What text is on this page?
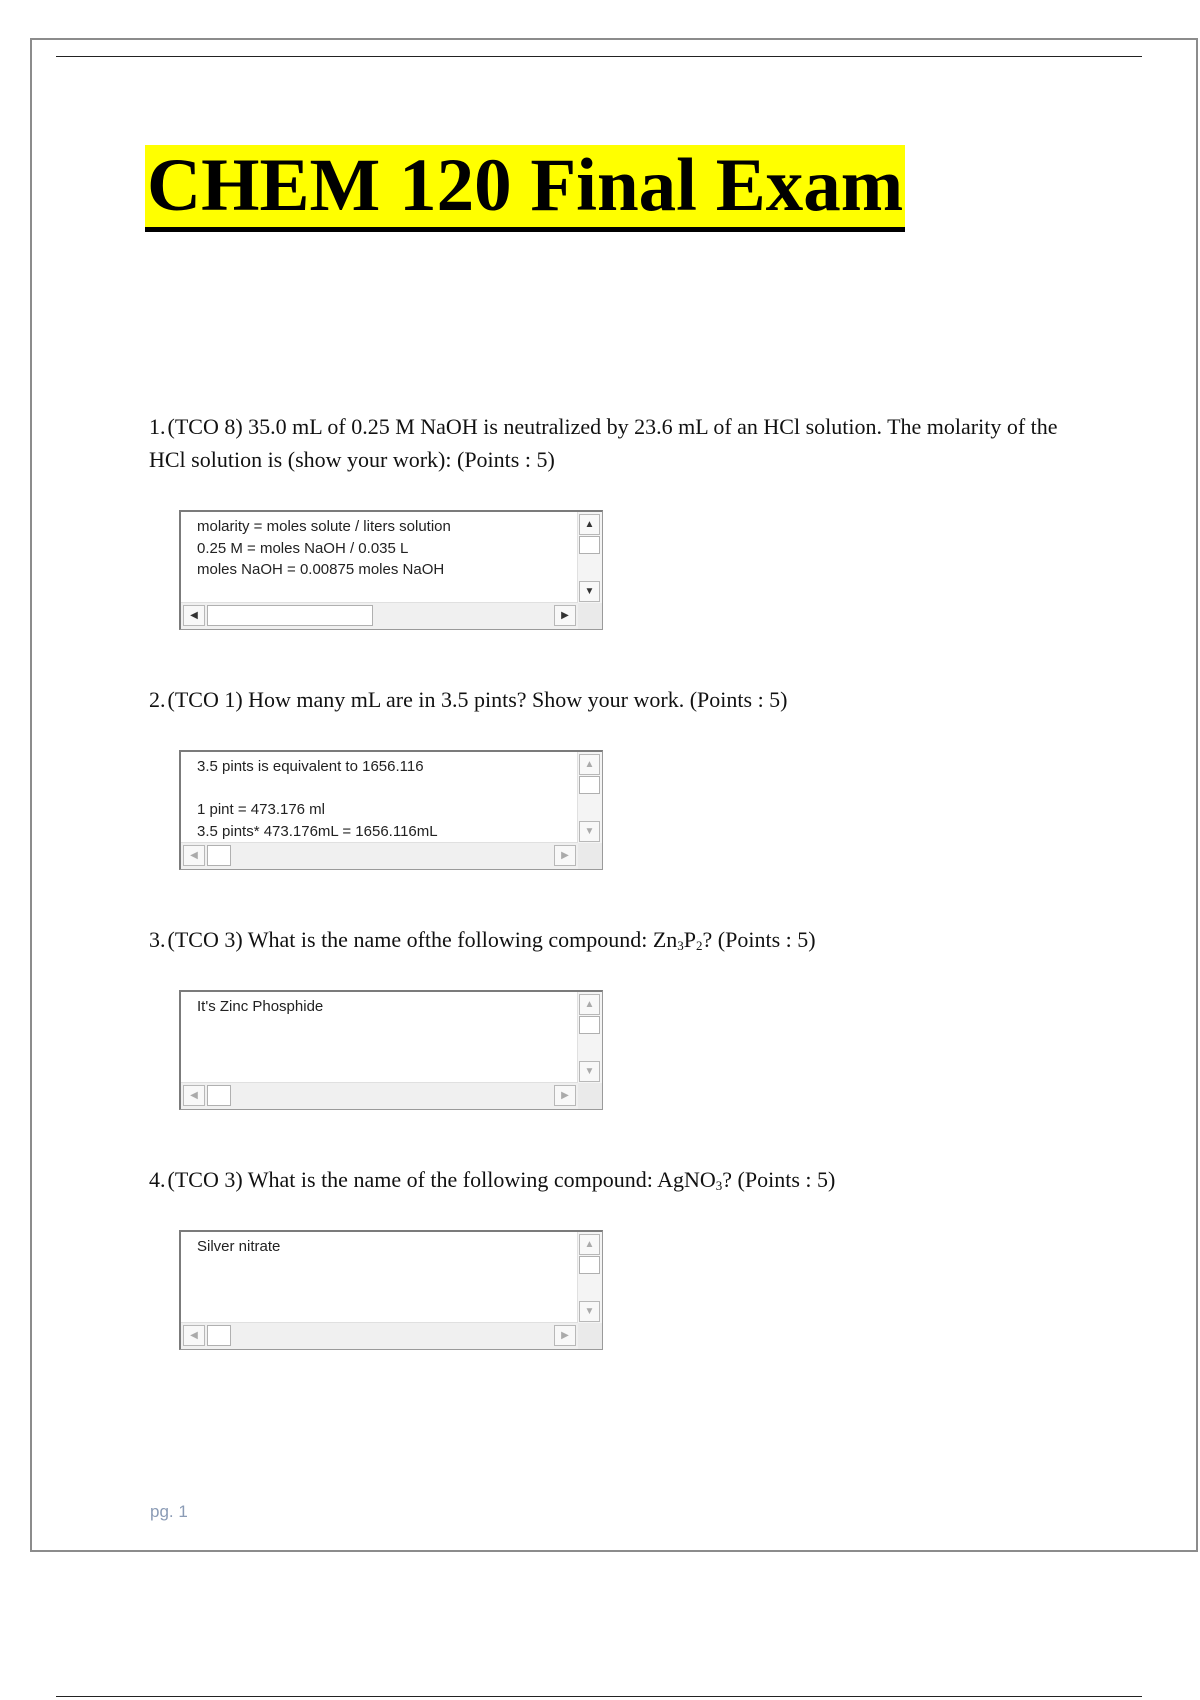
CHEM 120 Final Exam
1.(TCO 8) 35.0 mL of 0.25 M NaOH is neutralized by 23.6 mL of an HCl solution. The molarity of the HCl solution is (show your work): (Points : 5)
molarity = moles solute / liters solution
0.25 M = moles NaOH / 0.035 L
moles NaOH = 0.00875 moles NaOH
▲
▼
◀	▶
2.(TCO 1) How many mL are in 3.5 pints? Show your work. (Points : 5)
3.5 pints is equivalent to 1656.116

1 pint = 473.176 ml
3.5 pints* 473.176mL = 1656.116mL
▲
▼
◀	▶
3.(TCO 3) What is the name ofthe following compound: $Zn_3P_2$? (Points : 5)
It's Zinc Phosphide	▲
▼
◀	▶
4.(TCO 3) What is the name of the following compound: AgNO$_3$? (Points : 5)
Silver nitrate	▲
▼
◀	▶
pg. 1
